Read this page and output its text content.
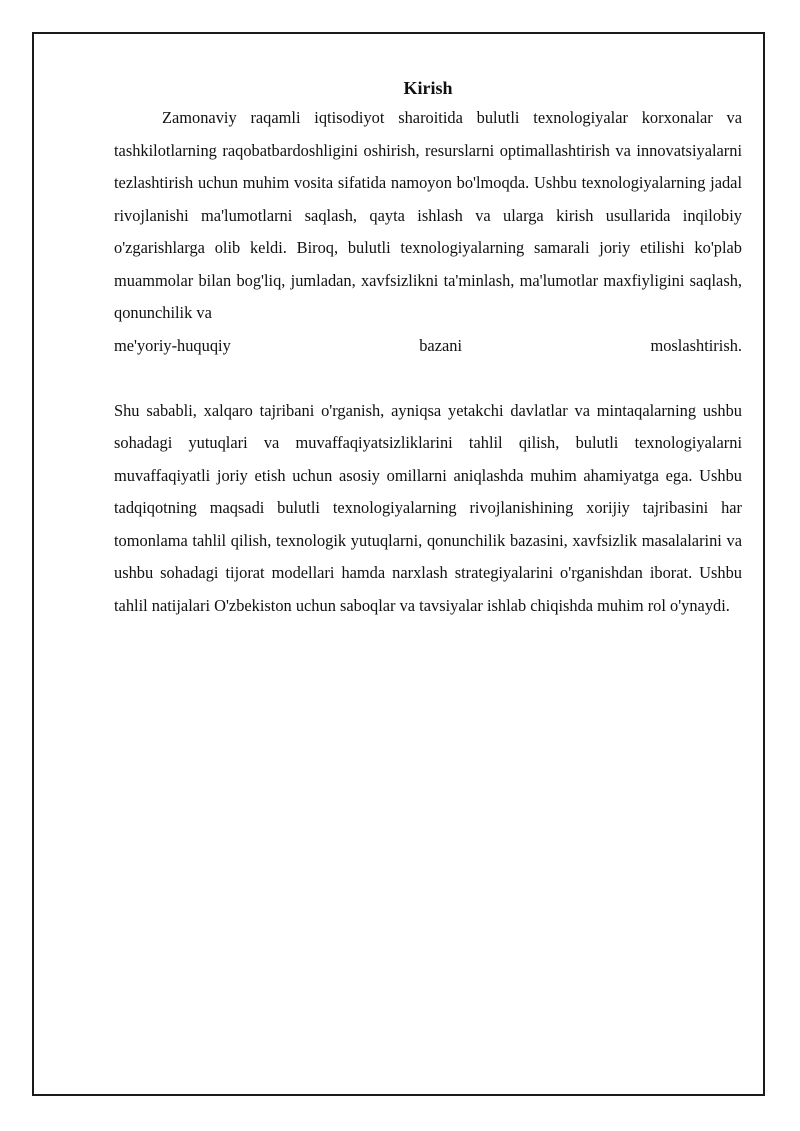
Kirish

Zamonaviy raqamli iqtisodiyot sharoitida bulutli texnologiyalar korxonalar va tashkilotlarning raqobatbardoshligini oshirish, resurslarni optimallashtirish va innovatsiyalarni tezlashtirish uchun muhim vosita sifatida namoyon bo'lmoqda. Ushbu texnologiyalarning jadal rivojlanishi ma'lumotlarni saqlash, qayta ishlash va ularga kirish usullarida inqilobiy o'zgarishlarga olib keldi. Biroq, bulutli texnologiyalarning samarali joriy etilishi ko'plab muammolar bilan bog'liq, jumladan, xavfsizlikni ta'minlash, ma'lumotlar maxfiyligini saqlash, qonunchilik va

me'yoriy-huquqiy bazani moslashtirish.

Shu sababli, xalqaro tajribani o'rganish, ayniqsa yetakchi davlatlar va mintaqalarning ushbu sohadagi yutuqlari va muvaffaqiyatsizliklarini tahlil qilish, bulutli texnologiyalarni muvaffaqiyatli joriy etish uchun asosiy omillarni aniqlashda muhim ahamiyatga ega. Ushbu tadqiqotning maqsadi bulutli texnologiyalarning rivojlanishining xorijiy tajribasini har tomonlama tahlil qilish, texnologik yutuqlarni, qonunchilik bazasini, xavfsizlik masalalarini va ushbu sohadagi tijorat modellari hamda narxlash strategiyalarini o'rganishdan iborat. Ushbu tahlil natijalari O'zbekiston uchun saboqlar va tavsiyalar ishlab chiqishda muhim rol o'ynaydi.
